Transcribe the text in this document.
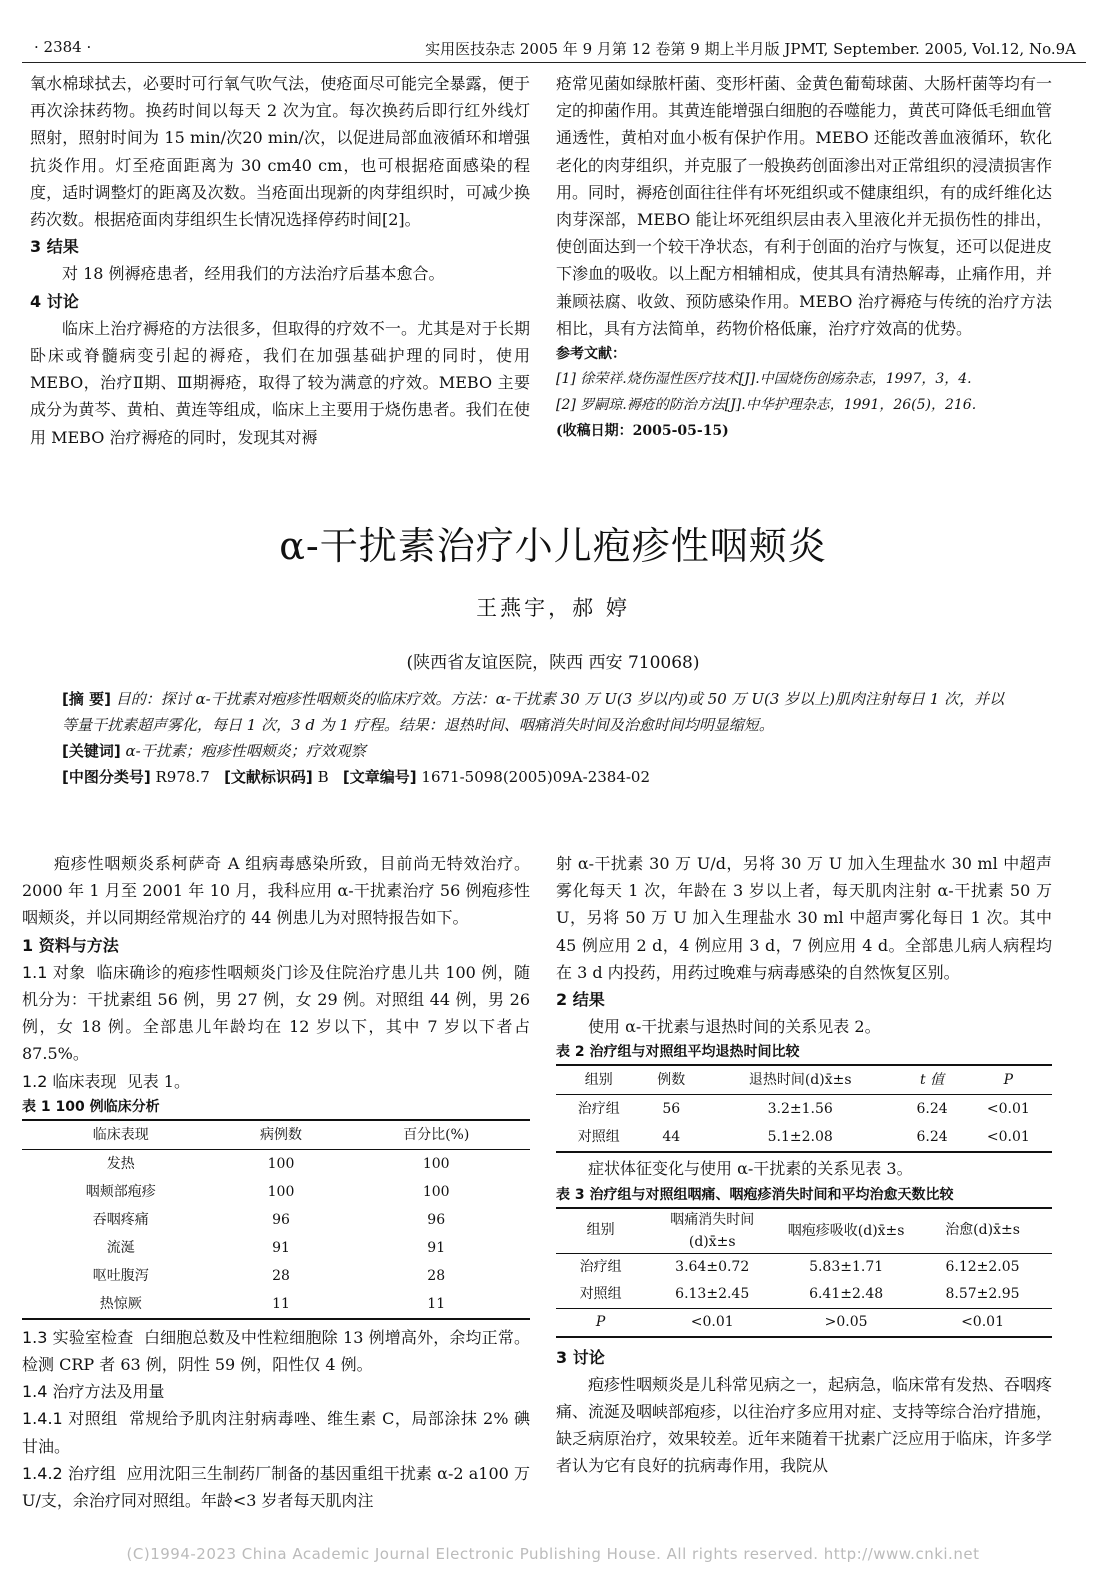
· 2384 ·	实用医技杂志 2005 年 9 月第 12 卷第 9 期上半月版 JPMT, September. 2005, Vol.12, No.9A

氧水棉球拭去，必要时可行氧气吹气法，使疮面尽可能完全暴露，便于再次涂抹药物。换药时间以每天 2 次为宜。每次换药后即行红外线灯照射，照射时间为 15 min/次20 min/次，以促进局部血液循环和增强抗炎作用。灯至疮面距离为 30 cm40 cm，也可根据疮面感染的程度，适时调整灯的距离及次数。当疮面出现新的肉芽组织时，可减少换药次数。根据疮面肉芽组织生长情况选择停药时间[2]。

3 结果

对 18 例褥疮患者，经用我们的方法治疗后基本愈合。

4 讨论

临床上治疗褥疮的方法很多，但取得的疗效不一。尤其是对于长期卧床或脊髓病变引起的褥疮，我们在加强基础护理的同时，使用 MEBO，治疗Ⅱ期、Ⅲ期褥疮，取得了较为满意的疗效。MEBO 主要成分为黄芩、黄柏、黄连等组成，临床上主要用于烧伤患者。我们在使用 MEBO 治疗褥疮的同时，发现其对褥

疮常见菌如绿脓杆菌、变形杆菌、金黄色葡萄球菌、大肠杆菌等均有一定的抑菌作用。其黄连能增强白细胞的吞噬能力，黄芪可降低毛细血管通透性，黄柏对血小板有保护作用。MEBO 还能改善血液循环，软化老化的肉芽组织，并克服了一般换药创面渗出对正常组织的浸渍损害作用。同时，褥疮创面往往伴有坏死组织或不健康组织，有的成纤维化达肉芽深部，MEBO 能让坏死组织层由表入里液化并无损伤性的排出，使创面达到一个较干净状态，有利于创面的治疗与恢复，还可以促进皮下渗血的吸收。以上配方相辅相成，使其具有清热解毒，止痛作用，并兼顾祛腐、收敛、预防感染作用。MEBO 治疗褥疮与传统的治疗方法相比，具有方法简单，药物价格低廉，治疗疗效高的优势。

参考文献：

[1] 徐荣祥.烧伤湿性医疗技术[J].中国烧伤创疡杂志，1997，3，4.

[2] 罗嗣琼.褥疮的防治方法[J].中华护理杂志，1991，26(5)，216.

(收稿日期：2005-05-15)

α-干扰素治疗小儿疱疹性咽颊炎
王燕宇，郝 婷
(陕西省友谊医院，陕西 西安 710068)

[摘 要] 目的：探讨 α-干扰素对疱疹性咽颊炎的临床疗效。方法：α-干扰素 30 万 U(3 岁以内)或 50 万 U(3 岁以上)肌肉注射每日 1 次，并以等量干扰素超声雾化，每日 1 次，3 d 为 1 疗程。结果：退热时间、咽痛消失时间及治愈时间均明显缩短。

[关键词] α-干扰素；疱疹性咽颊炎；疗效观察

[中图分类号] R978.7 [文献标识码] B [文章编号] 1671-5098(2005)09A-2384-02

疱疹性咽颊炎系柯萨奇 A 组病毒感染所致，目前尚无特效治疗。2000 年 1 月至 2001 年 10 月，我科应用 α-干扰素治疗 56 例疱疹性咽颊炎，并以同期经常规治疗的 44 例患儿为对照特报告如下。

1 资料与方法

1.1 对象 临床确诊的疱疹性咽颊炎门诊及住院治疗患儿共 100 例，随机分为：干扰素组 56 例，男 27 例，女 29 例。对照组 44 例，男 26 例，女 18 例。全部患儿年龄均在 12 岁以下，其中 7 岁以下者占 87.5%。

1.2 临床表现 见表 1。

表 1 100 例临床分析

临床表现	病例数	百分比(%)
发热	100	100
咽颊部疱疹	100	100
吞咽疼痛	96	96
流涎	91	91
呕吐腹泻	28	28
热惊厥	11	11

1.3 实验室检查 白细胞总数及中性粒细胞除 13 例增高外，余均正常。检测 CRP 者 63 例，阴性 59 例，阳性仅 4 例。

1.4 治疗方法及用量

1.4.1 对照组 常规给予肌肉注射病毒唑、维生素 C，局部涂抹 2% 碘甘油。

1.4.2 治疗组 应用沈阳三生制药厂制备的基因重组干扰素 α-2 a100 万 U/支，余治疗同对照组。年龄<3 岁者每天肌肉注

射 α-干扰素 30 万 U/d，另将 30 万 U 加入生理盐水 30 ml 中超声雾化每天 1 次，年龄在 3 岁以上者，每天肌肉注射 α-干扰素 50 万 U，另将 50 万 U 加入生理盐水 30 ml 中超声雾化每日 1 次。其中 45 例应用 2 d，4 例应用 3 d，7 例应用 4 d。全部患儿病人病程均在 3 d 内投药，用药过晚难与病毒感染的自然恢复区别。

2 结果

使用 α-干扰素与退热时间的关系见表 2。

表 2 治疗组与对照组平均退热时间比较

组别	例数	退热时间(d)x̄±s	t 值	P
治疗组	56	3.2±1.56	6.24	<0.01
对照组	44	5.1±2.08	6.24	<0.01

症状体征变化与使用 α-干扰素的关系见表 3。

表 3 治疗组与对照组咽痛、咽疱疹消失时间和平均治愈天数比较

组别	咽痛消失时间(d)x̄±s	咽疱疹吸收(d)x̄±s	治愈(d)x̄±s
治疗组	3.64±0.72	5.83±1.71	6.12±2.05
对照组	6.13±2.45	6.41±2.48	8.57±2.95
P	<0.01	>0.05	<0.01

3 讨论

疱疹性咽颊炎是儿科常见病之一，起病急，临床常有发热、吞咽疼痛、流涎及咽峡部疱疹，以往治疗多应用对症、支持等综合治疗措施，缺乏病原治疗，效果较差。近年来随着干扰素广泛应用于临床，许多学者认为它有良好的抗病毒作用，我院从

(C)1994-2023 China Academic Journal Electronic Publishing House. All rights reserved. http://www.cnki.net
